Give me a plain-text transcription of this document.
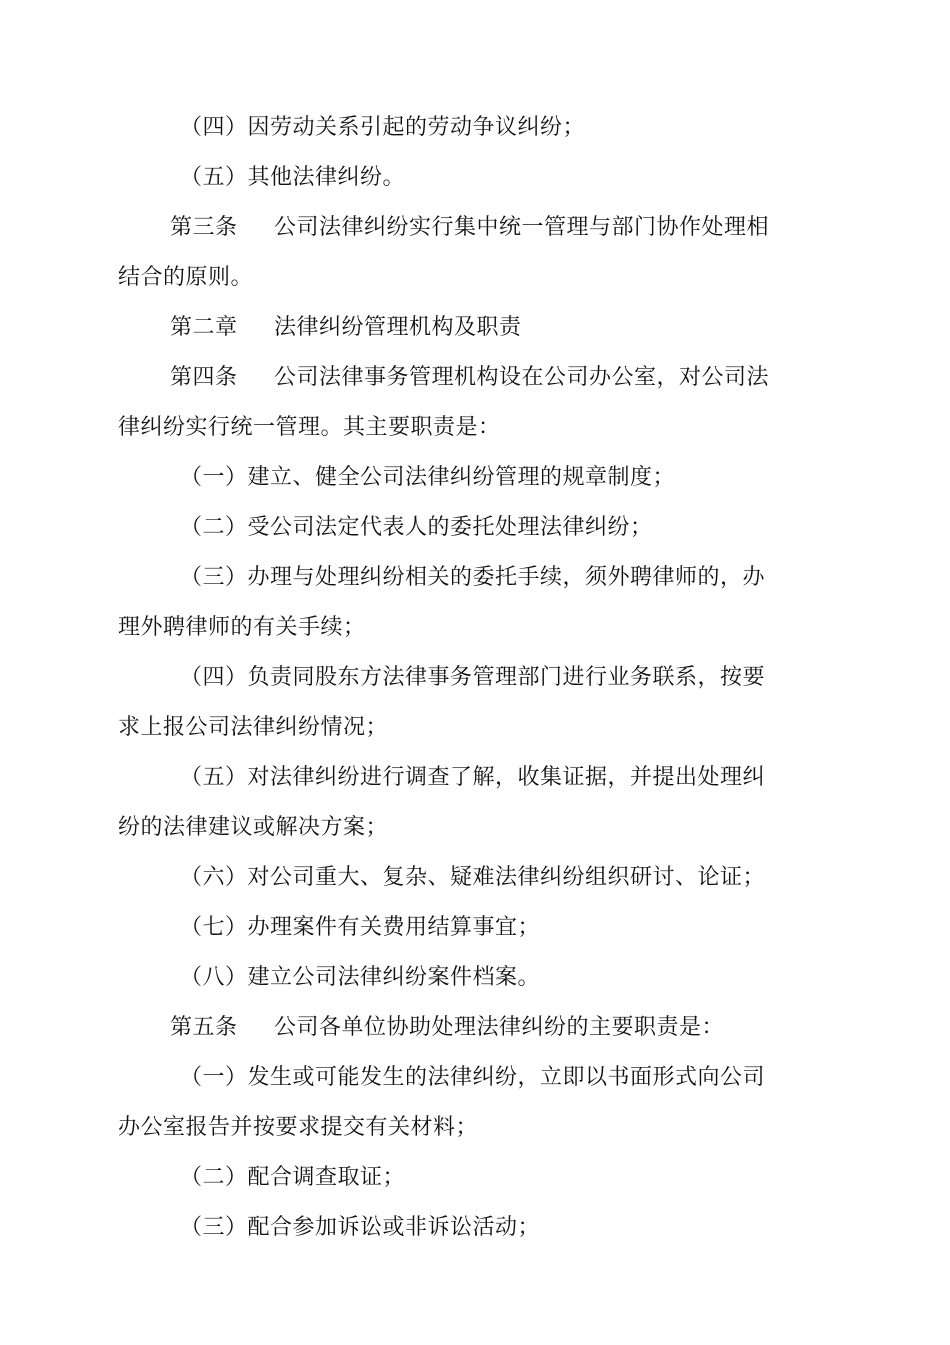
（四）因劳动关系引起的劳动争议纠纷；
（五）其他法律纠纷。
第三条 公司法律纠纷实行集中统一管理与部门协作处理相
结合的原则。
第二章 法律纠纷管理机构及职责
第四条 公司法律事务管理机构设在公司办公室，对公司法
律纠纷实行统一管理。其主要职责是：
（一）建立、健全公司法律纠纷管理的规章制度；
（二）受公司法定代表人的委托处理法律纠纷；
（三）办理与处理纠纷相关的委托手续，须外聘律师的，办
理外聘律师的有关手续；
（四）负责同股东方法律事务管理部门进行业务联系，按要
求上报公司法律纠纷情况；
（五）对法律纠纷进行调查了解，收集证据，并提出处理纠
纷的法律建议或解决方案；
（六）对公司重大、复杂、疑难法律纠纷组织研讨、论证；
（七）办理案件有关费用结算事宜；
（八）建立公司法律纠纷案件档案。
第五条 公司各单位协助处理法律纠纷的主要职责是：
（一）发生或可能发生的法律纠纷，立即以书面形式向公司
办公室报告并按要求提交有关材料；
（二）配合调查取证；
（三）配合参加诉讼或非诉讼活动；
